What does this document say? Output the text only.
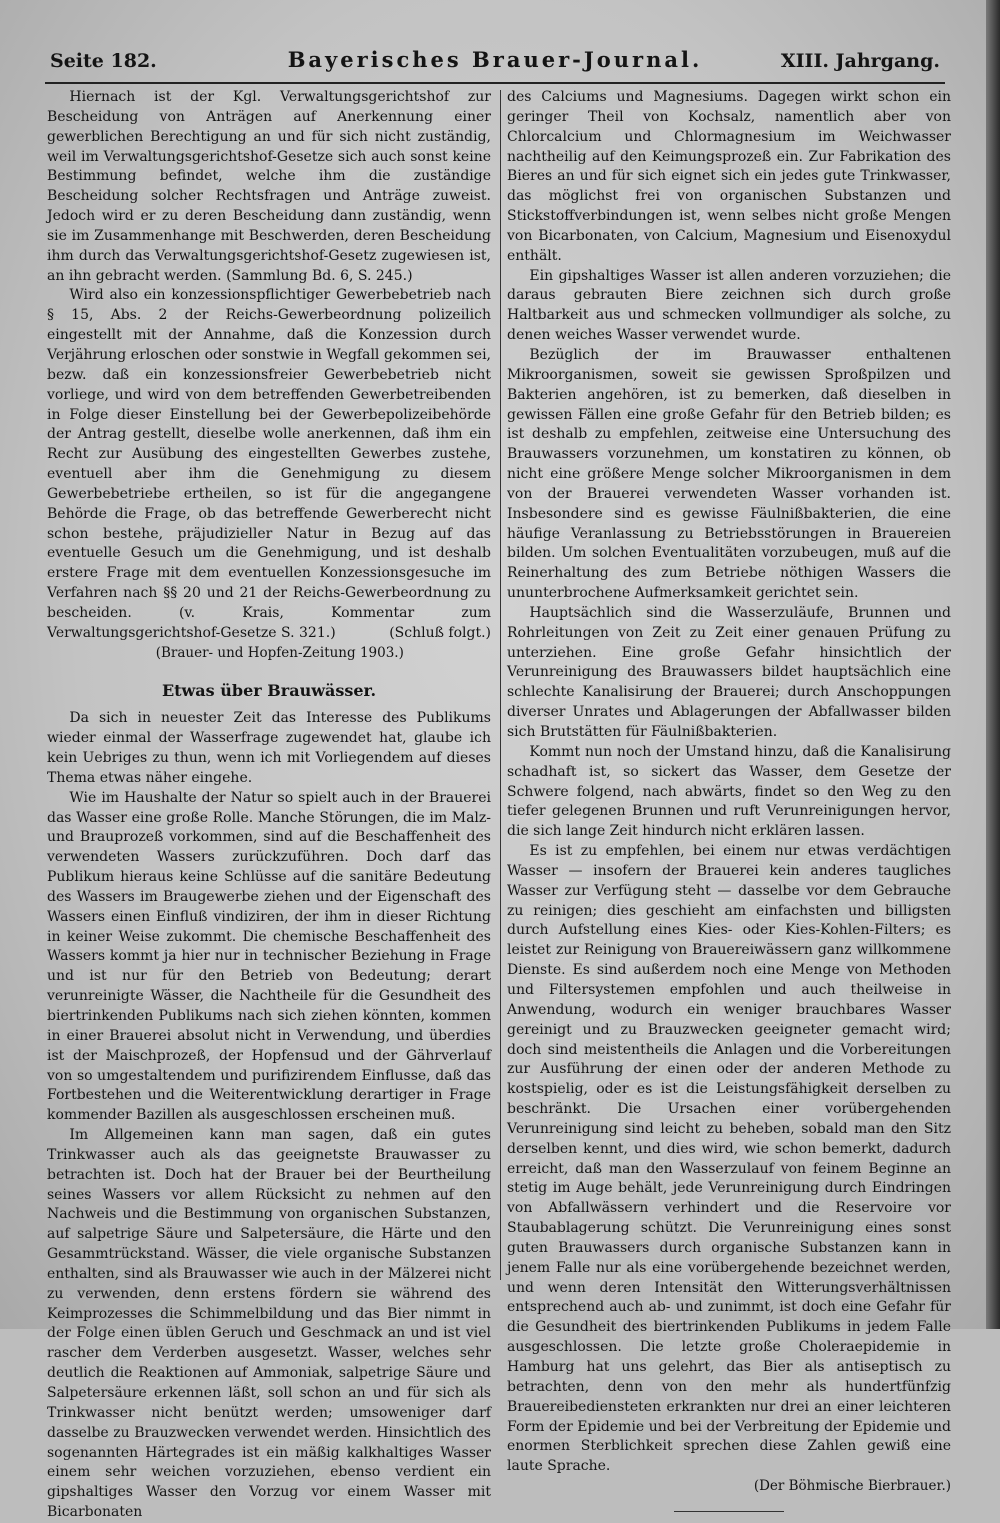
Seite 182.	Bayerisches Brauer-Journal.	XIII. Jahrgang.

Hiernach ist der Kgl. Verwaltungsgerichtshof zur Bescheidung von Anträgen auf Anerkennung einer gewerblichen Berechtigung an und für sich nicht zuständig, weil im Verwaltungsgerichtshof-Gesetze sich auch sonst keine Bestimmung befindet, welche ihm die zuständige Bescheidung solcher Rechtsfragen und Anträge zuweist. Jedoch wird er zu deren Bescheidung dann zuständig, wenn sie im Zusammenhange mit Beschwerden, deren Bescheidung ihm durch das Verwaltungsgerichtshof-Gesetz zugewiesen ist, an ihn gebracht werden. (Sammlung Bd. 6, S. 245.)

Wird also ein konzessionspflichtiger Gewerbebetrieb nach § 15, Abs. 2 der Reichs-Gewerbeordnung polizeilich eingestellt mit der Annahme, daß die Konzession durch Verjährung erloschen oder sonstwie in Wegfall gekommen sei, bezw. daß ein konzessionsfreier Gewerbebetrieb nicht vorliege, und wird von dem betreffenden Gewerbetreibenden in Folge dieser Einstellung bei der Gewerbepolizeibehörde der Antrag gestellt, dieselbe wolle anerkennen, daß ihm ein Recht zur Ausübung des eingestellten Gewerbes zustehe, eventuell aber ihm die Genehmigung zu diesem Gewerbebetriebe ertheilen, so ist für die angegangene Behörde die Frage, ob das betreffende Gewerberecht nicht schon bestehe, präjudizieller Natur in Bezug auf das eventuelle Gesuch um die Genehmigung, und ist deshalb erstere Frage mit dem eventuellen Konzessionsgesuche im Verfahren nach §§ 20 und 21 der Reichs-Gewerbeordnung zu bescheiden. (v. Krais, Kommentar zum Verwaltungsgerichtshof-Gesetze S. 321.)	(Schluß folgt.)

(Brauer- und Hopfen-Zeitung 1903.)

Etwas über Brauwässer.

Da sich in neuester Zeit das Interesse des Publikums wieder einmal der Wasserfrage zugewendet hat, glaube ich kein Uebriges zu thun, wenn ich mit Vorliegendem auf dieses Thema etwas näher eingehe.

Wie im Haushalte der Natur so spielt auch in der Brauerei das Wasser eine große Rolle. Manche Störungen, die im Malz- und Brauprozeß vorkommen, sind auf die Beschaffenheit des verwendeten Wassers zurückzuführen. Doch darf das Publikum hieraus keine Schlüsse auf die sanitäre Bedeutung des Wassers im Braugewerbe ziehen und der Eigenschaft des Wassers einen Einfluß vindiziren, der ihm in dieser Richtung in keiner Weise zukommt. Die chemische Beschaffenheit des Wassers kommt ja hier nur in technischer Beziehung in Frage und ist nur für den Betrieb von Bedeutung; derart verunreinigte Wässer, die Nachtheile für die Gesundheit des biertrinkenden Publikums nach sich ziehen könnten, kommen in einer Brauerei absolut nicht in Verwendung, und überdies ist der Maischprozeß, der Hopfensud und der Gährverlauf von so umgestaltendem und purifizirendem Einflusse, daß das Fortbestehen und die Weiterentwicklung derartiger in Frage kommender Bazillen als ausgeschlossen erscheinen muß.

Im Allgemeinen kann man sagen, daß ein gutes Trinkwasser auch als das geeignetste Brauwasser zu betrachten ist. Doch hat der Brauer bei der Beurtheilung seines Wassers vor allem Rücksicht zu nehmen auf den Nachweis und die Bestimmung von organischen Substanzen, auf salpetrige Säure und Salpetersäure, die Härte und den Gesammtrückstand. Wässer, die viele organische Substanzen enthalten, sind als Brauwasser wie auch in der Mälzerei nicht zu verwenden, denn erstens fördern sie während des Keimprozesses die Schimmelbildung und das Bier nimmt in der Folge einen üblen Geruch und Geschmack an und ist viel rascher dem Verderben ausgesetzt. Wasser, welches sehr deutlich die Reaktionen auf Ammoniak, salpetrige Säure und Salpetersäure erkennen läßt, soll schon an und für sich als Trinkwasser nicht benützt werden; umsoweniger darf dasselbe zu Brauzwecken verwendet werden. Hinsichtlich des sogenannten Härtegrades ist ein mäßig kalkhaltiges Wasser einem sehr weichen vorzuziehen, ebenso verdient ein gipshaltiges Wasser den Vorzug vor einem Wasser mit Bicarbonaten

des Calciums und Magnesiums. Dagegen wirkt schon ein geringer Theil von Kochsalz, namentlich aber von Chlorcalcium und Chlormagnesium im Weichwasser nachtheilig auf den Keimungsprozeß ein. Zur Fabrikation des Bieres an und für sich eignet sich ein jedes gute Trinkwasser, das möglichst frei von organischen Substanzen und Stickstoffverbindungen ist, wenn selbes nicht große Mengen von Bicarbonaten, von Calcium, Magnesium und Eisenoxydul enthält.

Ein gipshaltiges Wasser ist allen anderen vorzuziehen; die daraus gebrauten Biere zeichnen sich durch große Haltbarkeit aus und schmecken vollmundiger als solche, zu denen weiches Wasser verwendet wurde.

Bezüglich der im Brauwasser enthaltenen Mikroorganismen, soweit sie gewissen Sproßpilzen und Bakterien angehören, ist zu bemerken, daß dieselben in gewissen Fällen eine große Gefahr für den Betrieb bilden; es ist deshalb zu empfehlen, zeitweise eine Untersuchung des Brauwassers vorzunehmen, um konstatiren zu können, ob nicht eine größere Menge solcher Mikroorganismen in dem von der Brauerei verwendeten Wasser vorhanden ist. Insbesondere sind es gewisse Fäulnißbakterien, die eine häufige Veranlassung zu Betriebsstörungen in Brauereien bilden. Um solchen Eventualitäten vorzubeugen, muß auf die Reinerhaltung des zum Betriebe nöthigen Wassers die ununterbrochene Aufmerksamkeit gerichtet sein.

Hauptsächlich sind die Wasserzuläufe, Brunnen und Rohrleitungen von Zeit zu Zeit einer genauen Prüfung zu unterziehen. Eine große Gefahr hinsichtlich der Verunreinigung des Brauwassers bildet hauptsächlich eine schlechte Kanalisirung der Brauerei; durch Anschoppungen diverser Unrates und Ablagerungen der Abfallwasser bilden sich Brutstätten für Fäulnißbakterien.

Kommt nun noch der Umstand hinzu, daß die Kanalisirung schadhaft ist, so sickert das Wasser, dem Gesetze der Schwere folgend, nach abwärts, findet so den Weg zu den tiefer gelegenen Brunnen und ruft Verunreinigungen hervor, die sich lange Zeit hindurch nicht erklären lassen.

Es ist zu empfehlen, bei einem nur etwas verdächtigen Wasser — insofern der Brauerei kein anderes taugliches Wasser zur Verfügung steht — dasselbe vor dem Gebrauche zu reinigen; dies geschieht am einfachsten und billigsten durch Aufstellung eines Kies- oder Kies-Kohlen-Filters; es leistet zur Reinigung von Brauereiwässern ganz willkommene Dienste. Es sind außerdem noch eine Menge von Methoden und Filtersystemen empfohlen und auch theilweise in Anwendung, wodurch ein weniger brauchbares Wasser gereinigt und zu Brauzwecken geeigneter gemacht wird; doch sind meistentheils die Anlagen und die Vorbereitungen zur Ausführung der einen oder der anderen Methode zu kostspielig, oder es ist die Leistungsfähigkeit derselben zu beschränkt. Die Ursachen einer vorübergehenden Verunreinigung sind leicht zu beheben, sobald man den Sitz derselben kennt, und dies wird, wie schon bemerkt, dadurch erreicht, daß man den Wasserzulauf von feinem Beginne an stetig im Auge behält, jede Verunreinigung durch Eindringen von Abfallwässern verhindert und die Reservoire vor Staubablagerung schützt. Die Verunreinigung eines sonst guten Brauwassers durch organische Substanzen kann in jenem Falle nur als eine vorübergehende bezeichnet werden, und wenn deren Intensität den Witterungsverhältnissen entsprechend auch ab- und zunimmt, ist doch eine Gefahr für die Gesundheit des biertrinkenden Publikums in jedem Falle ausgeschlossen. Die letzte große Choleraepidemie in Hamburg hat uns gelehrt, das Bier als antiseptisch zu betrachten, denn von den mehr als hundertfünfzig Brauereibediensteten erkrankten nur drei an einer leichteren Form der Epidemie und bei der Verbreitung der Epidemie und enormen Sterblichkeit sprechen diese Zahlen gewiß eine laute Sprache.

(Der Böhmische Bierbrauer.)
